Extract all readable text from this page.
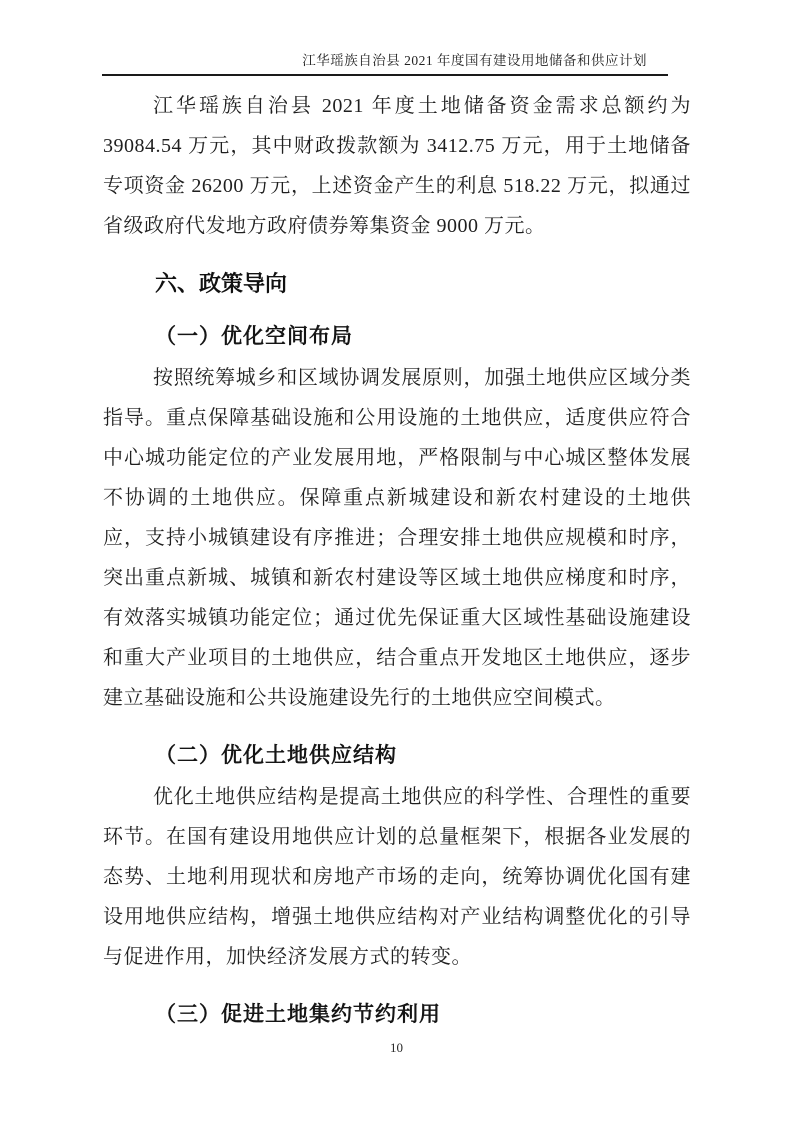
江华瑶族自治县 2021 年度国有建设用地储备和供应计划

江华瑶族自治县 2021 年度土地储备资金需求总额约为 39084.54 万元，其中财政拨款额为 3412.75 万元，用于土地储备专项资金 26200 万元，上述资金产生的利息 518.22 万元，拟通过省级政府代发地方政府债券筹集资金 9000 万元。

六、政策导向
（一）优化空间布局

按照统筹城乡和区域协调发展原则，加强土地供应区域分类指导。重点保障基础设施和公用设施的土地供应，适度供应符合中心城功能定位的产业发展用地，严格限制与中心城区整体发展不协调的土地供应。保障重点新城建设和新农村建设的土地供应，支持小城镇建设有序推进；合理安排土地供应规模和时序，突出重点新城、城镇和新农村建设等区域土地供应梯度和时序，有效落实城镇功能定位；通过优先保证重大区域性基础设施建设和重大产业项目的土地供应，结合重点开发地区土地供应，逐步建立基础设施和公共设施建设先行的土地供应空间模式。

（二）优化土地供应结构

优化土地供应结构是提高土地供应的科学性、合理性的重要环节。在国有建设用地供应计划的总量框架下，根据各业发展的态势、土地利用现状和房地产市场的走向，统筹协调优化国有建设用地供应结构，增强土地供应结构对产业结构调整优化的引导与促进作用，加快经济发展方式的转变。

（三）促进土地集约节约利用
10
